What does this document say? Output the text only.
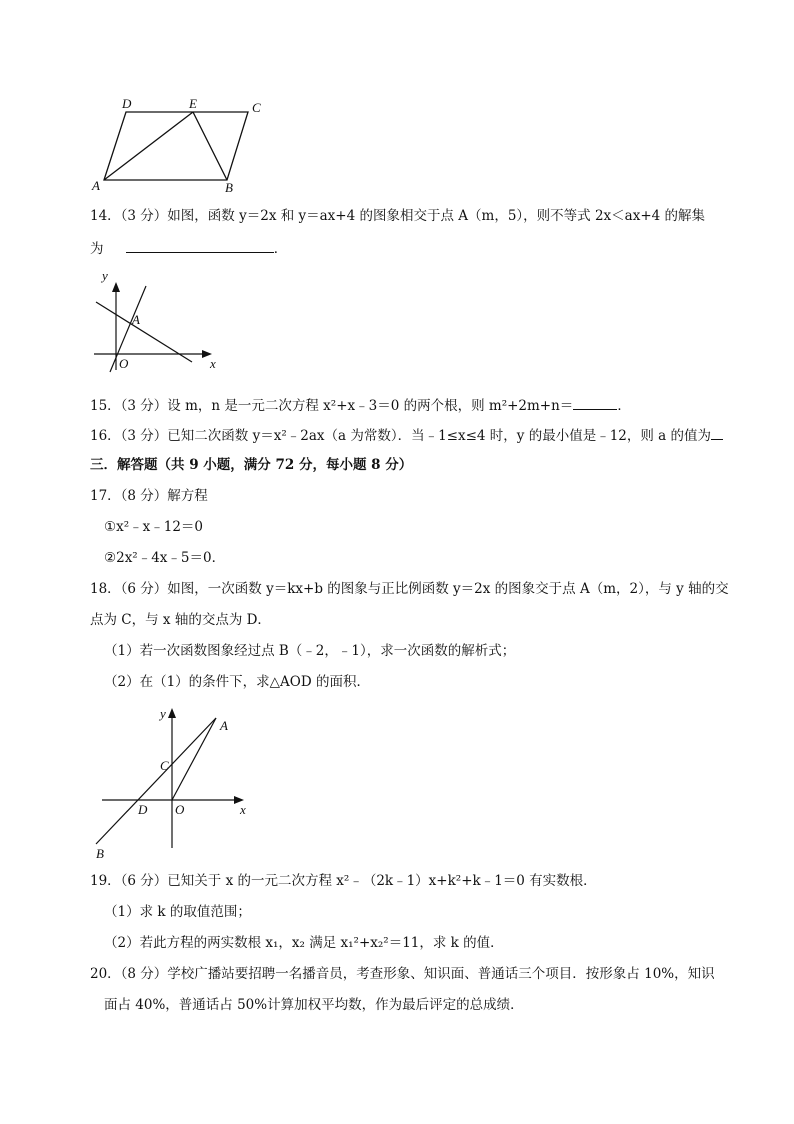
D	E	C
A	B
14．（3 分）如图，函数 y＝2x 和 y＝ax+4 的图象相交于点 A（m，5），则不等式 2x＜ax+4 的解集
为	．
y
x
A
O
15．（3 分）设 m，n 是一元二次方程 x²+x﹣3＝0 的两个根，则 m²+2m+n＝	．
16．（3 分）已知二次函数 y＝x²﹣2ax（a 为常数）．当﹣1≤x≤4 时，y 的最小值是﹣12，则 a 的值为
三．解答题（共 9 小题，满分 72 分，每小题 8 分）
17．（8 分）解方程
①x²﹣x﹣12＝0
②2x²﹣4x﹣5＝0．
18．（6 分）如图，一次函数 y＝kx+b 的图象与正比例函数 y＝2x 的图象交于点 A（m，2），与 y 轴的交
点为 C，与 x 轴的交点为 D．
（1）若一次函数图象经过点 B（﹣2，﹣1），求一次函数的解析式；
（2）在（1）的条件下，求△AOD 的面积．
y
x
A
C
D O
B
19．（6 分）已知关于 x 的一元二次方程 x²﹣（2k﹣1）x+k²+k﹣1＝0 有实数根．
（1）求 k 的取值范围；
（2）若此方程的两实数根 x₁，x₂ 满足 x₁²+x₂²＝11，求 k 的值．
20．（8 分）学校广播站要招聘一名播音员，考查形象、知识面、普通话三个项目．按形象占 10%，知识
面占 40%，普通话占 50%计算加权平均数，作为最后评定的总成绩．
